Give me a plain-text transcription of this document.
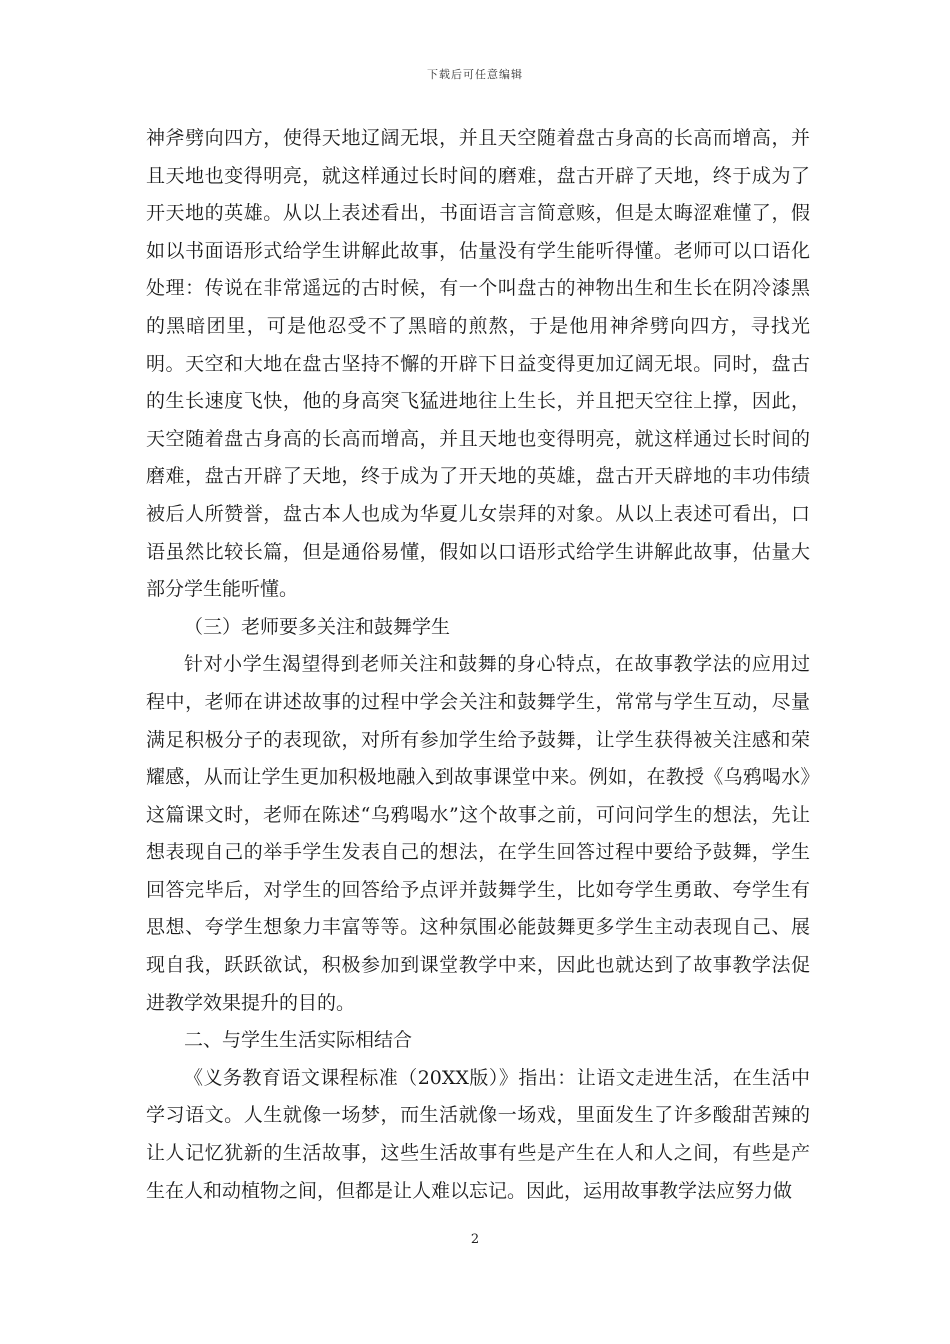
下载后可任意编辑

神斧劈向四方，使得天地辽阔无垠，并且天空随着盘古身高的长高而增高，并且天地也变得明亮，就这样通过长时间的磨难，盘古开辟了天地，终于成为了开天地的英雄。从以上表述看出，书面语言言简意赅，但是太晦涩难懂了，假如以书面语形式给学生讲解此故事，估量没有学生能听得懂。老师可以口语化处理：传说在非常遥远的古时候，有一个叫盘古的神物出生和生长在阴冷漆黑的黑暗团里，可是他忍受不了黑暗的煎熬，于是他用神斧劈向四方，寻找光明。天空和大地在盘古坚持不懈的开辟下日益变得更加辽阔无垠。同时，盘古的生长速度飞快，他的身高突飞猛进地往上生长，并且把天空往上撑，因此，天空随着盘古身高的长高而增高，并且天地也变得明亮，就这样通过长时间的磨难，盘古开辟了天地，终于成为了开天地的英雄，盘古开天辟地的丰功伟绩被后人所赞誉，盘古本人也成为华夏儿女崇拜的对象。从以上表述可看出，口语虽然比较长篇，但是通俗易懂，假如以口语形式给学生讲解此故事，估量大部分学生能听懂。

（三）老师要多关注和鼓舞学生

针对小学生渴望得到老师关注和鼓舞的身心特点，在故事教学法的应用过程中，老师在讲述故事的过程中学会关注和鼓舞学生，常常与学生互动，尽量满足积极分子的表现欲，对所有参加学生给予鼓舞，让学生获得被关注感和荣耀感，从而让学生更加积极地融入到故事课堂中来。例如，在教授《乌鸦喝水》这篇课文时，老师在陈述“乌鸦喝水”这个故事之前，可问问学生的想法，先让想表现自己的举手学生发表自己的想法，在学生回答过程中要给予鼓舞，学生回答完毕后，对学生的回答给予点评并鼓舞学生，比如夸学生勇敢、夸学生有思想、夸学生想象力丰富等等。这种氛围必能鼓舞更多学生主动表现自己、展现自我，跃跃欲试，积极参加到课堂教学中来，因此也就达到了故事教学法促进教学效果提升的目的。

二、与学生生活实际相结合

《义务教育语文课程标准（20XX版）》指出：让语文走进生活，在生活中学习语文。人生就像一场梦，而生活就像一场戏，里面发生了许多酸甜苦辣的让人记忆犹新的生活故事，这些生活故事有些是产生在人和人之间，有些是产生在人和动植物之间，但都是让人难以忘记。因此，运用故事教学法应努力做

2
